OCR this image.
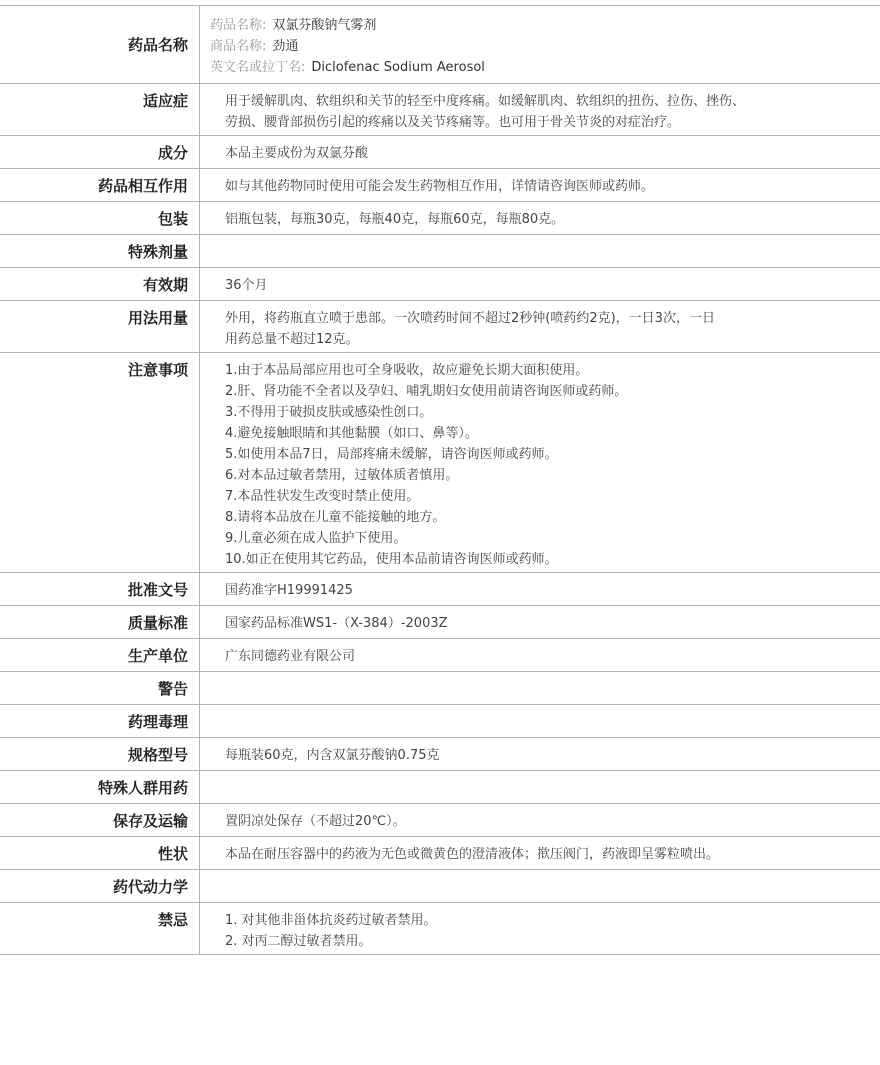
药品名称
药品名称: 双氯芬酸钠气雾剂
商品名称: 劲通
英文名或拉丁名: Diclofenac Sodium Aerosol
适应症	用于缓解肌肉、软组织和关节的轻至中度疼痛。如缓解肌肉、软组织的扭伤、拉伤、挫伤、
劳损、腰背部损伤引起的疼痛以及关节疼痛等。也可用于骨关节炎的对症治疗。
成分	本品主要成份为双氯芬酸
药品相互作用	如与其他药物同时使用可能会发生药物相互作用，详情请咨询医师或药师。
包装	铝瓶包装，每瓶30克，每瓶40克，每瓶60克，每瓶80克。
特殊剂量
有效期	36个月
用法用量	外用，将药瓶直立喷于患部。一次喷药时间不超过2秒钟(喷药约2克)，一日3次，一日
用药总量不超过12克。
注意事项	1.由于本品局部应用也可全身吸收，故应避免长期大面积使用。
2.肝、肾功能不全者以及孕妇、哺乳期妇女使用前请咨询医师或药师。
3.不得用于破损皮肤或感染性创口。
4.避免接触眼睛和其他黏膜（如口、鼻等）。
5.如使用本品7日，局部疼痛未缓解，请咨询医师或药师。
6.对本品过敏者禁用，过敏体质者慎用。
7.本品性状发生改变时禁止使用。
8.请将本品放在儿童不能接触的地方。
9.儿童必须在成人监护下使用。
10.如正在使用其它药品，使用本品前请咨询医师或药师。
批准文号	国药准字H19991425
质量标准	国家药品标准WS1-（X-384）-2003Z
生产单位	广东同德药业有限公司
警告
药理毒理
规格型号	每瓶装60克，内含双氯芬酸钠0.75克
特殊人群用药
保存及运输	置阴凉处保存（不超过20℃）。
性状	本品在耐压容器中的药液为无色或微黄色的澄清液体；揿压阀门，药液即呈雾粒喷出。
药代动力学
禁忌	1. 对其他非甾体抗炎药过敏者禁用。
2. 对丙二醇过敏者禁用。
